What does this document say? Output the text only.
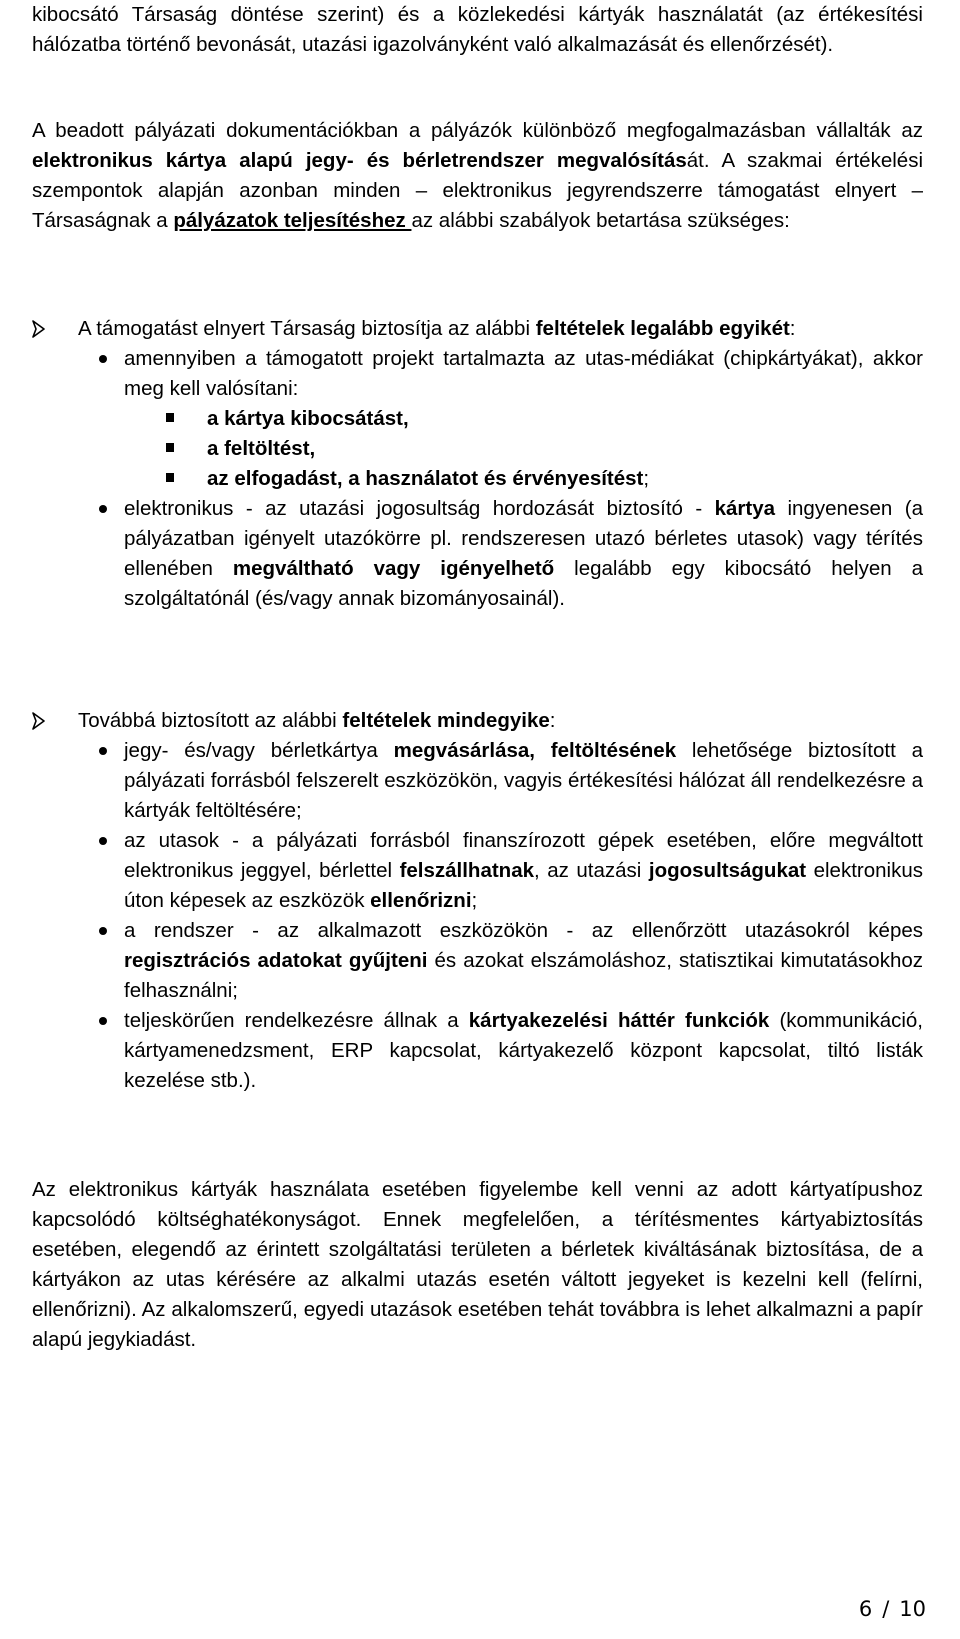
kibocsátó Társaság döntése szerint) és a közlekedési kártyák használatát (az értékesítési hálózatba történő bevonását, utazási igazolványként való alkalmazását és ellenőrzését).

A beadott pályázati dokumentációkban a pályázók különböző megfogalmazásban vállalták az elektronikus kártya alapú jegy- és bérletrendszer megvalósítását. A szakmai értékelési szempontok alapján azonban minden – elektronikus jegyrendszerre támogatást elnyert – Társaságnak a pályázatok teljesítéshez az alábbi szabályok betartása szükséges:

A támogatást elnyert Társaság biztosítja az alábbi feltételek legalább egyikét:

amennyiben a támogatott projekt tartalmazta az utas-médiákat (chipkártyákat), akkor meg kell valósítani:

a kártya kibocsátást,
a feltöltést,
az elfogadást, a használatot és érvényesítést;

elektronikus - az utazási jogosultság hordozását biztosító - kártya ingyenesen (a pályázatban igényelt utazókörre pl. rendszeresen utazó bérletes utasok) vagy térítés ellenében megváltható vagy igényelhető legalább egy kibocsátó helyen a szolgáltatónál (és/vagy annak bizományosainál).

Továbbá biztosított az alábbi feltételek mindegyike:

jegy- és/vagy bérletkártya megvásárlása, feltöltésének lehetősége biztosított a pályázati forrásból felszerelt eszközökön, vagyis értékesítési hálózat áll rendelkezésre a kártyák feltöltésére;

az utasok - a pályázati forrásból finanszírozott gépek esetében, előre megváltott elektronikus jeggyel, bérlettel felszállhatnak, az utazási jogosultságukat elektronikus úton képesek az eszközök ellenőrizni;

a rendszer - az alkalmazott eszközökön - az ellenőrzött utazásokról képes regisztrációs adatokat gyűjteni és azokat elszámoláshoz, statisztikai kimutatásokhoz felhasználni;

teljeskörűen rendelkezésre állnak a kártyakezelési háttér funkciók (kommunikáció, kártyamenedzsment, ERP kapcsolat, kártyakezelő központ kapcsolat, tiltó listák kezelése stb.).

Az elektronikus kártyák használata esetében figyelembe kell venni az adott kártyatípushoz kapcsolódó költséghatékonyságot. Ennek megfelelően, a térítésmentes kártyabiztosítás esetében, elegendő az érintett szolgáltatási területen a bérletek kiváltásának biztosítása, de a kártyákon az utas kérésére az alkalmi utazás esetén váltott jegyeket is kezelni kell (felírni, ellenőrizni). Az alkalomszerű, egyedi utazások esetében tehát továbbra is lehet alkalmazni a papír alapú jegykiadást.

6 / 10
